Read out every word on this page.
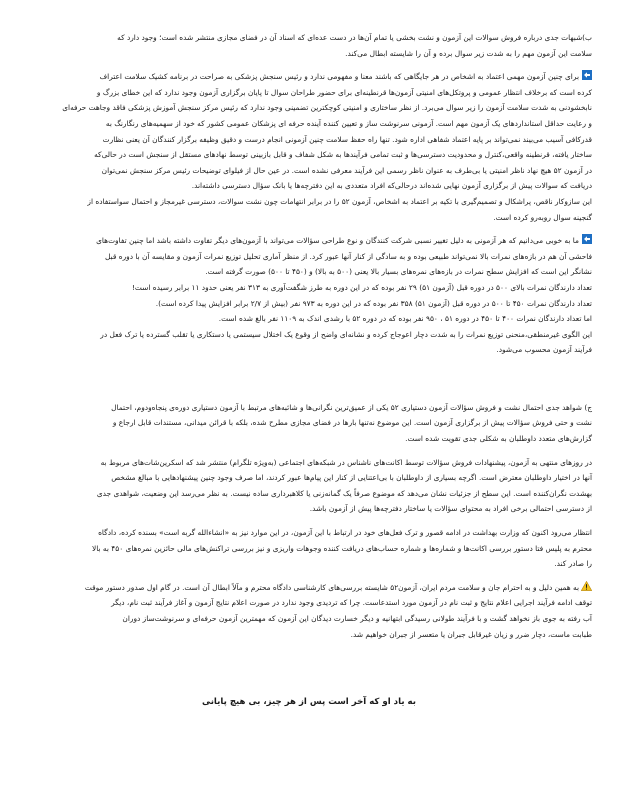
ب)شبهات جدی درباره فروش سوالات این آزمون و نشت بخشی یا تمام آن‌ها در دست عده‌ای که اسناد آن در فضای مجازی منتشر شده است؛ وجود دارد که
سلامت این آزمون مهم را به شدت زیر سوال برده و آن را شایسته ابطال می‌کند.

برای چنین آزمون مهمی اعتماد به اشخاص در هر جایگاهی که باشند معنا و مفهومی ندارد و رئیس سنجش پزشکی به صراحت در برنامه کشیک سلامت اعتراف
کرده است که برخلاف انتظار عمومی و پروتکل‌های امنیتی آزمون‌ها قرنطینه‌ای برای حضور طراحان سوال تا پایان برگزاری آزمون وجود ندارد که این خطای بزرگ و
نابخشودنی به شدت سلامت آزمون را زیر سوال می‌برد. از نظر ساختاری و امنیتی کوچکترین تضمینی وجود ندارد که رئیس مرکز سنجش آموزش پزشکی فاقد وجاهت حرفه‌ای
و رعایت حداقل استانداردهای یک آزمون مهم است. آزمونی سرنوشت ساز و تعیین کننده آینده حرفه ای پزشکان عمومی کشور که خود از سهمیه‌های رنگارنگ به
قدرکافی آسیب می‌بیند نمی‌تواند بر پایه اعتماد شفاهی اداره شود. تنها راه حفظ سلامت چنین آزمونی انجام درست و دقیق وظیفه برگزار کنندگان آن یعنی نظارت
ساختار یافته، قرنطینه واقعی،کنترل و محدودیت دسترسی‌ها و ثبت تمامی فرآیندها به شکل شفاف و قابل بازبینی توسط نهادهای مستقل از سنجش است در حالی‌که
در آزمون ۵۲ هیچ نهاد ناظر امنیتی یا بی‌طرف به عنوان ناظر رسمی این فرآیند معرفی نشده است. در عین حال از فیلوای توضیحات رئیس مرکز سنجش نمی‌توان
دریافت که سوالات پیش از برگزاری آزمون نهایی شده‌اند درحالی‌که افراد متعددی به این دفترچه‌ها یا بانک سؤال دسترسی داشته‌اند.
این سازوکار ناقص، پراشکال و تصمیم‌گیری با تکیه بر اعتماد به اشخاص، آزمون ۵۲ را در برابر انتهامات چون نشت سوالات، دسترسی غیرمجاز و احتمال سواستفاده از
گنجینه سوال روبه‌رو کرده است.

ما به خوبی می‌دانیم که هر آزمونی به دلیل تغییر نسبی شرکت کنندگان و نوع طراحی سؤالات می‌تواند با آزمون‌های دیگر تفاوت داشته باشد اما چنین تفاوت‌های
فاحشی آن هم در بازه‌های نمرات بالا نمی‌تواند طبیعی بوده و به سادگی از کنار آنها عبور کرد. از منظر آماری تحلیل توزیع نمرات آزمون و مقایسه آن با دوره قبل
نشانگر این است که افزایش سطح نمرات در بازه‌های نمره‌های بسیار بالا یعنی (۵۰۰ به بالا) و (۴۵۰ تا ۵۰۰) صورت گرفته است.
تعداد دارندگان نمرات بالای ۵۰۰ در دوره قبل (آزمون ۵۱) ۲۹ نفر بوده که در این دوره به طرز شگفت‌آوری به ۳۱۳ نفر یعنی حدود ۱۱ برابر رسیده است!
تعداد دارندگان نمرات ۴۵۰ تا ۵۰۰ در دوره قبل (آزمون ۵۱) ۳۵۸ نفر بوده که در این دوره به ۹۷۳ نفر (بیش از ۲/۷ برابر افزایش پیدا کرده است).
اما تعداد دارندگان نمرات ۴۰۰ تا ۴۵۰ در دوره ۵۱ ، ۹۵۰ نفر بوده که در دوره ۵۲ با رشدی اندک به ۱۱۰۹ نفر بالغ شده است.
این الگوی غیرمنطقی،منحنی توزیع نمرات را به شدت دچار اعوجاج کرده و نشانه‌ای واضح از وقوع یک اختلال سیستمی یا دستکاری یا تقلب گسترده یا ترک فعل در
فرآیند آزمون محسوب می‌شود.

ج) شواهد جدی احتمال نشت و فروش سؤالات آزمون دستیاری ۵۲ یکی از عمیق‌ترین نگرانی‌ها و شائبه‌های مرتبط با آزمون دستیاری دوره‌ی پنجاه‌ودوم، احتمال
نشت و حتی فروش سؤالات پیش از برگزاری آزمون است. این موضوع نه‌تنها بارها در فضای مجازی مطرح شده، بلکه با قرائن میدانی، مستندات قابل ارجاع و
گزارش‌های متعدد داوطلبان به شکلی جدی تقویت شده است.

در روزهای منتهی به آزمون، پیشنهادات فروش سؤالات توسط اکانت‌های ناشناس در شبکه‌های اجتماعی (به‌ویژه تلگرام) منتشر شد که اسکرین‌شات‌های مربوط به
آنها در اختیار داوطلبان معترض است. اگرچه بسیاری از داوطلبان با بی‌اعتنایی از کنار این پیام‌ها عبور کردند، اما صرف وجود چنین پیشنهادهایی با مبالغ مشخص
بهشدت نگران‌کننده است. این سطح از جزئیات نشان می‌دهد که موضوع صرفاً یک گمانه‌زنی یا کلاهبرداری ساده نیست. به نظر می‌رسد این وضعیت، شواهدی جدی
از دسترسی احتمالی برخی افراد به محتوای سؤالات یا ساختار دفترچه‌ها پیش از آزمون باشد.

انتظار می‌رود اکنون که وزارت بهداشت در ادامه قصور و ترک فعل‌های خود در ارتباط با این آزمون، در این موارد نیز به «انشاءالله گربه است» بسنده کرده، دادگاه
محترم به پلیس فتا دستور بررسی اکانت‌ها و شماره‌ها و شماره حساب‌های دریافت کننده وجوهات واریزی و نیز بررسی تراکنش‌های مالی حائزین نمره‌های ۴۵۰ به بالا
را صادر کند.

به همین دلیل و به احترام جان و سلامت مردم ایران، آزمون۵۲ شایسته بررسی‌های کارشناسی دادگاه محترم و مآلاً ابطال آن است. در گام اول صدور دستور موقت
توقف ادامه فرآیند اجرایی اعلام نتایج و ثبت نام در آزمون مورد استدعاست. چرا که تردیدی وجود ندارد در صورت اعلام نتایج آزمون و آغاز فرآیند ثبت نام، دیگر
آب رفته به جوی باز نخواهد گشت و با فرآیند طولانی رسیدگی ابتهانیه و دیگر خسارت دیدگان این آزمون که مهمترین آزمون حرفه‌ای و سرنوشت‌ساز دوران
طبابت ماست، دچار ضرر و زیان غیرقابل جبران یا متعسر از جبران خواهیم شد.

به یاد او که آخر است پس از هر چیز، بی هیچ پایانی
